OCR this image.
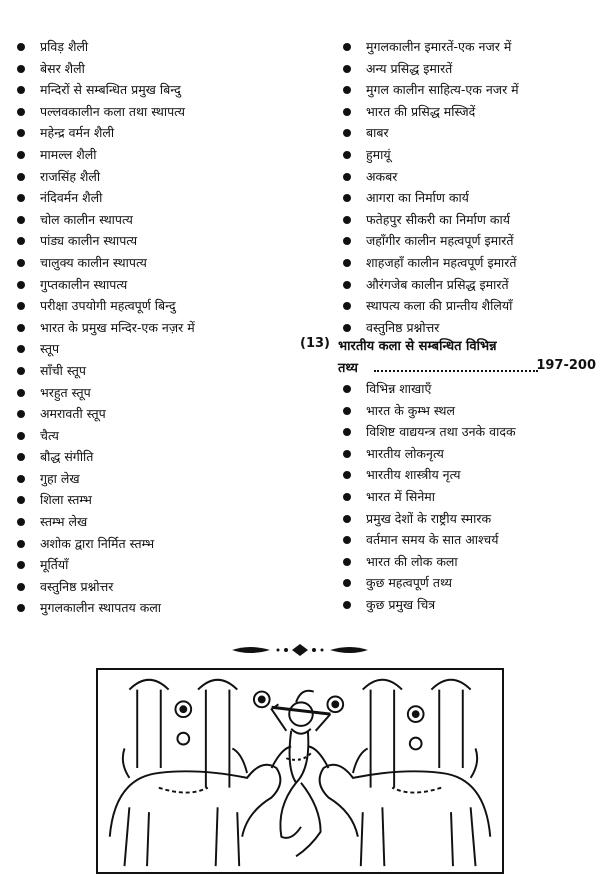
प्रविड़ शैली
बेसर शैली
मन्दिरों से सम्बन्धित प्रमुख बिन्दु
पल्लवकालीन कला तथा स्थापत्य
महेन्द्र वर्मन शैली
मामल्ल शैली
राजसिंह शैली
नंदिवर्मन शैली
चोल कालीन स्थापत्य
पांड्य कालीन स्थापत्य
चालुक्य कालीन स्थापत्य
गुप्तकालीन स्थापत्य
परीक्षा उपयोगी महत्वपूर्ण बिन्दु
भारत के प्रमुख मन्दिर-एक नज़र में
स्तूप
साँची स्तूप
भरहुत स्तूप
अमरावती स्तूप
चैत्य
बौद्ध संगीति
गुहा लेख
शिला स्तम्भ
स्तम्भ लेख
अशोक द्वारा निर्मित स्तम्भ
मूर्तियाँ
वस्तुनिष्ठ प्रश्नोत्तर
मुगलकालीन स्थापतय कला
मुगलकालीन इमारतें-एक नजर में
अन्य प्रसिद्ध इमारतें
मुगल कालीन साहित्य-एक नजर में
भारत की प्रसिद्ध मस्जिदें
बाबर
हुमायूं
अकबर
आगरा का निर्माण कार्य
फतेहपुर सीकरी का निर्माण कार्य
जहाँगीर कालीन महत्वपूर्ण इमारतें
शाहजहाँ कालीन महत्वपूर्ण इमारतें
औरंगजेब कालीन प्रसिद्ध इमारतें
स्थापत्य कला की प्रान्तीय शैलियाँ
वस्तुनिष्ठ प्रश्नोत्तर
(13) भारतीय कला से सम्बन्धित विभिन्न
तथ्य	197-200
विभिन्न शाखाएँ
भारत के कुम्भ स्थल
विशिष्ट वाद्ययन्त्र तथा उनके वादक
भारतीय लोकनृत्य
भारतीय शास्त्रीय नृत्य
भारत में सिनेमा
प्रमुख देशों के राष्ट्रीय स्मारक
वर्तमान समय के सात आश्चर्य
भारत की लोक कला
कुछ महत्वपूर्ण तथ्य
कुछ प्रमुख चित्र
